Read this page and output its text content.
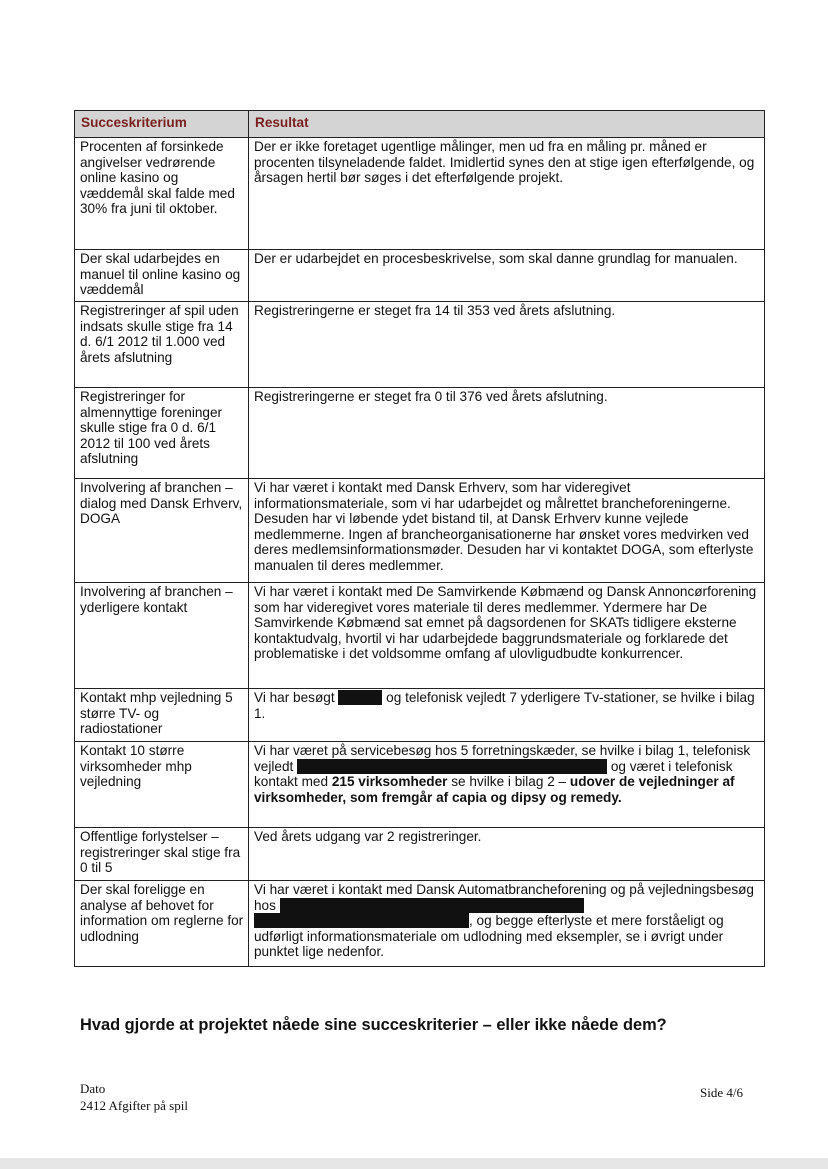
Succeskriterium	Resultat
Procenten af forsinkede angivelser vedrørende online kasino og væddemål skal falde med 30% fra juni til oktober.	Der er ikke foretaget ugentlige målinger, men ud fra en måling pr. måned er procenten tilsyneladende faldet. Imidlertid synes den at stige igen efterfølgende, og årsagen hertil bør søges i det efterfølgende projekt.
Der skal udarbejdes en manuel til online kasino og væddemål	Der er udarbejdet en procesbeskrivelse, som skal danne grundlag for manualen.
Registreringer af spil uden indsats skulle stige fra 14 d. 6/1 2012 til 1.000 ved årets afslutning	Registreringerne er steget fra 14 til 353 ved årets afslutning.
Registreringer for almennyttige foreninger skulle stige fra 0 d. 6/1 2012 til 100 ved årets afslutning	Registreringerne er steget fra 0 til 376 ved årets afslutning.
Involvering af branchen – dialog med Dansk Erhverv, DOGA	Vi har været i kontakt med Dansk Erhverv, som har videregivet informationsmateriale, som vi har udarbejdet og målrettet brancheforeningerne. Desuden har vi løbende ydet bistand til, at Dansk Erhverv kunne vejlede medlemmerne. Ingen af brancheorganisationerne har ønsket vores medvirken ved deres medlemsinformationsmøder. Desuden har vi kontaktet DOGA, som efterlyste manualen til deres medlemmer.
Involvering af branchen – yderligere kontakt	Vi har været i kontakt med De Samvirkende Købmænd og Dansk Annoncørforening som har videregivet vores materiale til deres medlemmer. Ydermere har De Samvirkende Købmænd sat emnet på dagsordenen for SKATs tidligere eksterne kontaktudvalg, hvortil vi har udarbejdede baggrundsmateriale og forklarede det problematiske i det voldsomme omfang af ulovligudbudte konkurrencer.
Kontakt mhp vejledning 5 større TV- og radiostationer	Vi har besøgt og telefonisk vejledt 7 yderligere Tv-stationer, se hvilke i bilag 1.
Kontakt 10 større virksomheder mhp vejledning	Vi har været på servicebesøg hos 5 forretningskæder, se hvilke i bilag 1, telefonisk vejledt og været i telefonisk kontakt med 215 virksomheder se hvilke i bilag 2 – udover de vejledninger af virksomheder, som fremgår af capia og dipsy og remedy.
Offentlige forlystelser – registreringer skal stige fra 0 til 5	Ved årets udgang var 2 registreringer.
Der skal foreligge en analyse af behovet for information om reglerne for udlodning	Vi har været i kontakt med Dansk Automatbrancheforening og på vejledningsbesøg hos  , og begge efterlyste et mere forståeligt og udførligt informationsmateriale om udlodning med eksempler, se i øvrigt under punktet lige nedenfor.
Hvad gjorde at projektet nåede sine succeskriterier – eller ikke nåede dem?
Dato
2412 Afgifter på spil
Side 4/6
